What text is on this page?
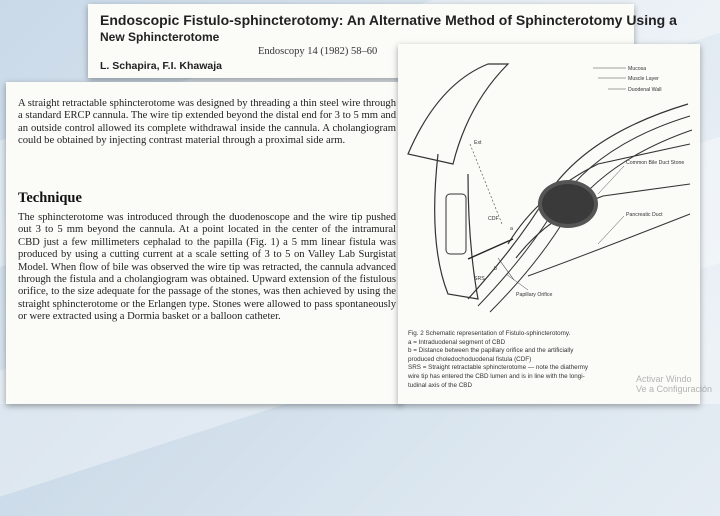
Endoscopic Fistulo-sphincterotomy: An Alternative Method of Sphincterotomy Using a
New Sphincterotome
Endoscopy 14 (1982) 58–60
L. Schapira, F.I. Khawaja

A straight retractable sphincterotome was designed by threading a thin steel wire through a standard ERCP cannula. The wire tip extended beyond the distal end for 3 to 5 mm and an outside control allowed its complete withdrawal inside the cannula. A cholangiogram could be obtained by injecting contrast material through a proximal side arm.

Technique

The sphincterotome was introduced through the duodenoscope and the wire tip pushed out 3 to 5 mm beyond the cannula. At a point located in the center of the intramural CBD just a few millimeters cephalad to the papilla (Fig. 1) a 5 mm linear fistula was produced by using a cutting current at a scale setting of 3 to 5 on Valley Lab Surgistat Model. When flow of bile was observed the wire tip was retracted, the cannula advanced through the fistula and a cholangiogram was obtained. Upward extension of the fistulous orifice, to the size adequate for the passage of the stones, was then achieved by using the straight sphincterotome or the Erlangen type. Stones were allowed to pass spontaneously or were extracted using a Dormia basket or a balloon catheter.

Mucosa
Muscle Layer
Duodenal Wall
Common Bile Duct Stone
Pancreatic Duct
Papillary Orifice
Ext
a
b
CDF
SRS
Fig. 2 Schematic representation of Fistulo-sphincterotomy.
a = Intraduodenal segment of CBD
b = Distance between the papillary orifice and the artificially
produced choledochoduodenal fistula (CDF)
SRS = Straight retractable sphincterotome — note the diathermy
wire tip has entered the CBD lumen and is in line with the longi-
tudinal axis of the CBD
Activar Windo
Ve a Configuración
